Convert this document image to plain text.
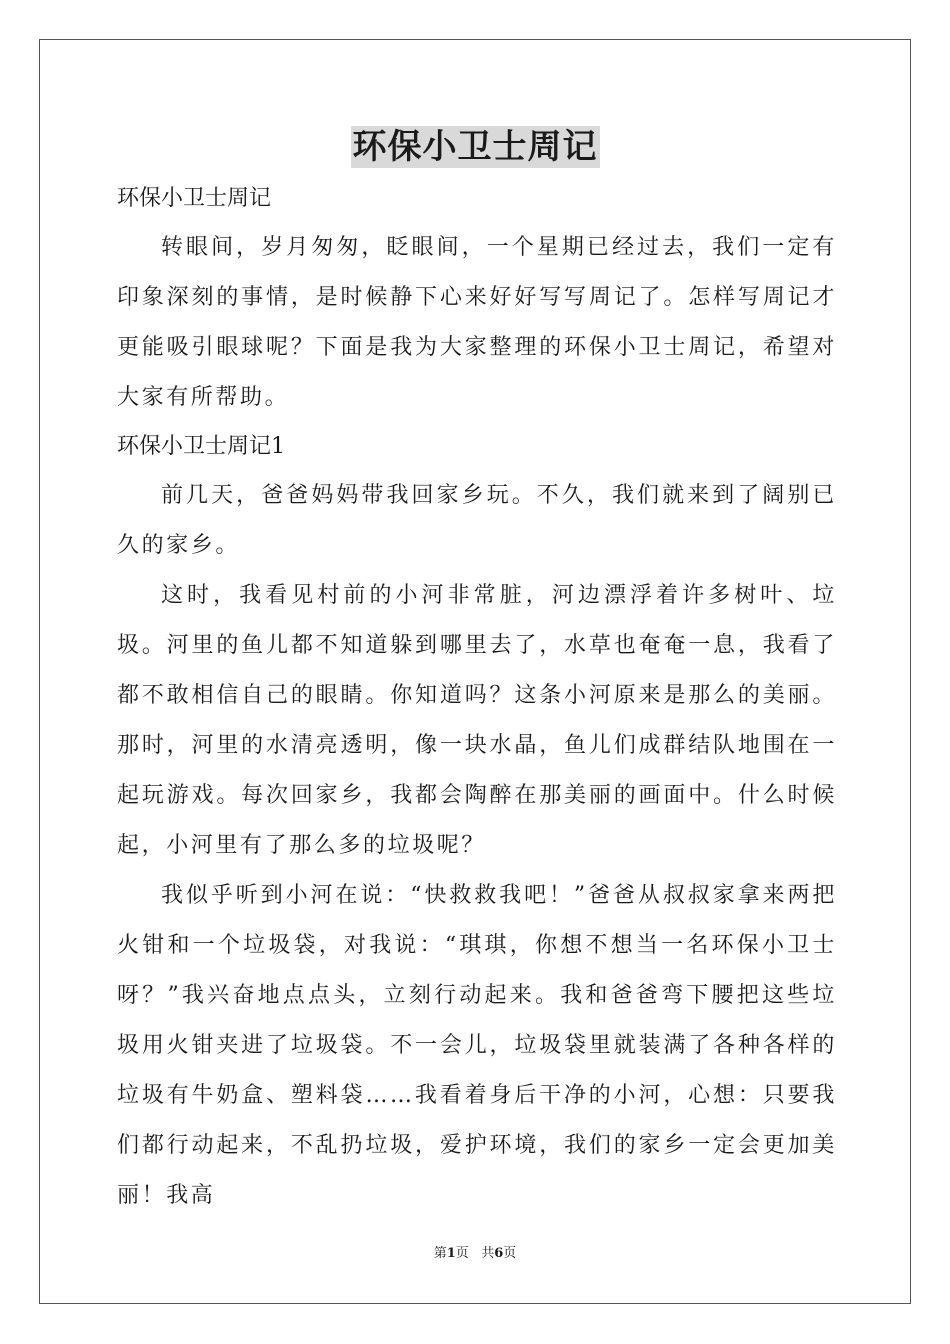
环保小卫士周记

环保小卫士周记

转眼间，岁月匆匆，眨眼间，一个星期已经过去，我们一定有印象深刻的事情，是时候静下心来好好写写周记了。怎样写周记才更能吸引眼球呢？下面是我为大家整理的环保小卫士周记，希望对大家有所帮助。

环保小卫士周记1

前几天，爸爸妈妈带我回家乡玩。不久，我们就来到了阔别已久的家乡。

这时，我看见村前的小河非常脏，河边漂浮着许多树叶、垃圾。河里的鱼儿都不知道躲到哪里去了，水草也奄奄一息，我看了都不敢相信自己的眼睛。你知道吗？这条小河原来是那么的美丽。那时，河里的水清亮透明，像一块水晶，鱼儿们成群结队地围在一起玩游戏。每次回家乡，我都会陶醉在那美丽的画面中。什么时候起，小河里有了那么多的垃圾呢？

我似乎听到小河在说：“快救救我吧！”爸爸从叔叔家拿来两把火钳和一个垃圾袋，对我说：“琪琪，你想不想当一名环保小卫士呀？”我兴奋地点点头，立刻行动起来。我和爸爸弯下腰把这些垃圾用火钳夹进了垃圾袋。不一会儿，垃圾袋里就装满了各种各样的垃圾有牛奶盒、塑料袋……我看着身后干净的小河，心想：只要我们都行动起来，不乱扔垃圾，爱护环境，我们的家乡一定会更加美丽！我高

第1页 共6页
